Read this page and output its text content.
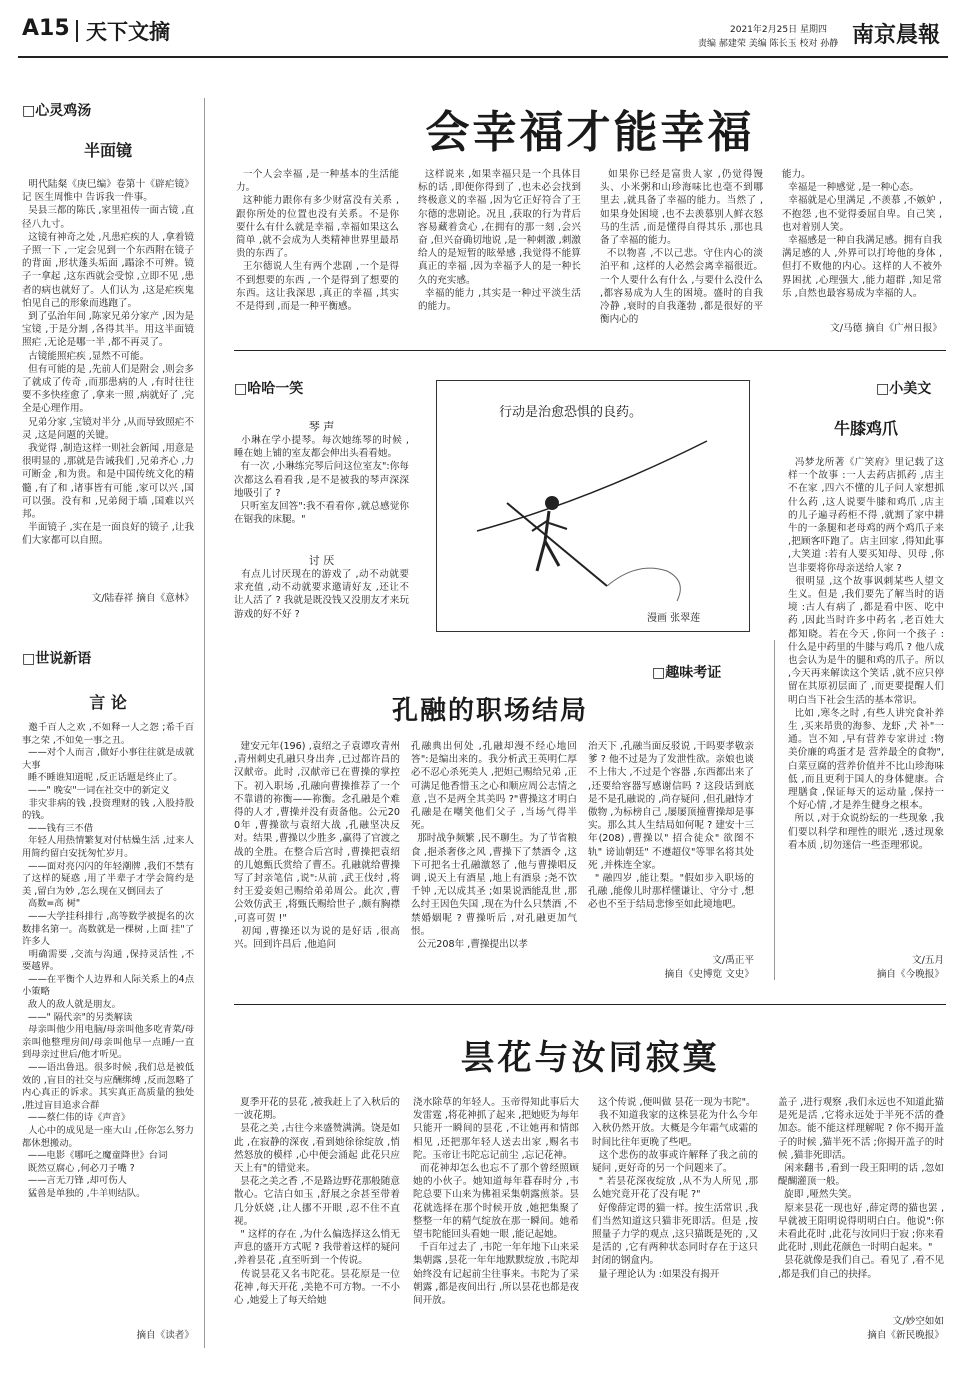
A15 天下文摘	2021年2月25日 星期四
责编 郝建荣 美编 陈长玉 校对 孙静 南京晨報
□心灵鸡汤
半面镜
明代陆粲《庚巳编》卷第十《辟疟镜》记 医生周惟中 告诉我一件事。
吴县三都的陈氏 ,家里祖传一面古镜 ,直径八九寸。
这镜有神奇之处 ,凡患疟疾的人 ,拿着镜子照一下 ,一定会见到一个东西附在镜子的背面 ,形状蓬头垢面 ,蹋涂不可辨。镜子一拿起 ,这东西就会受惊 ,立即不见 ,患者的病也就好了。人们认为 ,这是疟疾鬼怕见自己的形象而逃跑了。
到了弘治年间 ,陈家兄弟分家产 ,因为是宝镜 ,于是分割 ,各得其半。用这半面镜照疟 ,无论是哪一半 ,都不再灵了。
古镜能照疟疾 ,显然不可能。
但有可能的是 ,先前人们是附会 ,则会多了就成了传奇 ,而那患病的人 ,有时往往要不多快痊愈了 ,拿来一照 ,病就好了 ,完全是心理作用。
兄弟分家 ,宝镜对半分 ,从而导致照疟不灵 ,这是问题的关键。
我觉得 ,制造这样一则社会新闻 ,用意是很明显的 ,那就是告诫我们 ,兄弟齐心 ,力可断金 ,和为贵。和是中国传统文化的精髓 ,有了和 ,诸事皆有可能 ,家可以兴 ,国可以强。没有和 ,兄弟阋于墙 ,国难以兴邦。
半面镜子 ,实在是一面良好的镜子 ,让我们大家都可以自照。
文/陆春祥 摘自《意林》
□世说新语
言 论
邀千百人之欢 ,不如释一人之怨 ;希千百事之荣 ,不如免一事之丑。
——对个人而言 ,做好小事往往就是成就大事
睡不睡谁知道呢 ,反正话题是终止了。
——" 晚安"一词在社交中的新定义
非灾非病的钱 ,投资理财的钱 ,入股持股的钱。
——钱有三不借
年轻人用热情繁复对付枯燥生活 ,过来人用简约留白安抚匆忙岁月。
——面对亮闪闪的年轻潮牌 ,我们不禁有了这样的疑惑 ,用了半辈子才学会简约是美 ,留白为妙 ,怎么现在又倒回去了
高数=高 树"
——大学挂科排行 ,高等数学被提名的次数排名第一。高数就是一棵树 ,上面 挂"了许多人
明确需要 ,交流与沟通 ,保持灵活性 ,不要越界。
——在平衡个人边界和人际关系上的4点小策略
敌人的敌人就是朋友。
——" 隔代亲"的另类解读
母亲叫他少用电脑/母亲叫他多吃青菜/母亲叫他整理房间/母亲叫他早一点睡/一直到母亲过世后/他才听见。
——语出鲁迅。很多时候 ,我们总是被低效的 ,盲目的社交与应酬绑缚 ,反而忽略了内心真正的诉求。其实真正高质量的独处 ,胜过盲目追求合群
——蔡仁伟的诗《声音》
人心中的成见是一座大山 ,任你怎么努力都休想搬动。
——电影《哪吒之魔童降世》台词
既然豆腐心 ,何必刀子嘴 ?
——言无刀锋 ,却可伤人
猛兽是单独的 ,牛羊则结队。
摘自《读者》
会幸福才能幸福
一个人会幸福 ,是一种基本的生活能力。
这种能力跟你有多少财富没有关系 ,跟你所处的位置也没有关系。不是你要什么有什么就是幸福 ,幸福如果这么简单 ,就不会成为人类精神世界里最昂贵的东西了。
王尔德说人生有两个悲剧 ,一个是得不到想要的东西 ,一个是得到了想要的东西。这让我深思 ,真正的幸福 ,其实不是得到 ,而是一种平衡感。
这样说来 ,如果幸福只是一个具体目标的话 ,即便你得到了 ,也未必会找到终极意义的幸福 ,因为它正好符合了王尔德的悲剧论。况且 ,获取的行为背后容易藏着贪心 ,在拥有的那一刻 ,会兴奋 ,但兴奋确切地说 ,是一种刺激 ,刺激给人的是短暂的眩晕感 ,我觉得不能算真正的幸福 ,因为幸福予人的是一种长久的充实感。
幸福的能力 ,其实是一种过平淡生活的能力。
如果你已经是富贵人家 ,仍觉得馒头、小米粥和山珍海味比也毫不到哪里去 ,就具备了幸福的能力。当然了 ,如果身处困境 ,也不去羡慕别人鲜衣怒马的生活 ,而是懂得自得其乐 ,那也具备了幸福的能力。
不以物喜 ,不以己悲。守住内心的淡泊平和 ,这样的人必然会离幸福很近。一个人要什么有什么 ,与要什么没什么 ,都容易成为人生的困境。盛时的自我冷静 ,衰时的自我蓬勃 ,都是很好的平衡内心的
能力。
幸福是一种感觉 ,是一种心态。
幸福就是心里满足 ,不羡慕 ,不嫉妒 ,不抱怨 ,也不觉得委屈自卑。自己笑 ,也对着别人笑。
幸福感是一种自我满足感。拥有自我满足感的人 ,外界可以打垮他的身体 ,但打不败他的内心。这样的人不被外界困扰 ,心理强大 ,能力超群 ,知足常乐 ,自然也最容易成为幸福的人。
文/马德 摘自《广州日报》
□哈哈一笑
琴 声
小琳在学小提琴。每次她练琴的时候 ,睡在她上铺的室友都会伸出头看看她。
有一次 ,小琳练完琴后问这位室友":你每次都这么看看我 ,是不是被我的琴声深深地吸引了 ?
只听室友回答":我不看看你 ,就总感觉你在锯我的床腿。"
讨 厌
有点儿讨厌现在的游戏了 ,动不动就要求充值 ,动不动就要求邀请好友 ,还让不让人活了 ? 我就是既没钱又没朋友才来玩游戏的好不好 ?
行动是治愈恐惧的良药。
漫画 张翠莲
□小美文
牛膝鸡爪
冯梦龙所著《广笑府》里记载了这样一个故事 :一人去药店抓药 ,店主不在家 ,四六不懂的儿子问人家想抓什么药 ,这人说要牛膝和鸡爪 ,店主的儿子遍寻药柜不得 ,就割了家中耕牛的一条腿和老母鸡的两个鸡爪子来 ,把顾客吓跑了。店主回家 ,得知此事 ,大笑道 :若有人要买知母、贝母 ,你岂非要将你母亲送给人家 ?
很明显 ,这个故事讽刺某些人望文生义。但是 ,我们要先了解当时的语境 :古人有病了 ,都是看中医、吃中药 ,因此当时许多中药名 ,老百姓大都知晓。若在今天 ,你问一个孩子 :什么是中药里的牛膝与鸡爪 ? 他八成也会认为是牛的腿和鸡的爪子。所以 ,今天再来解读这个笑话 ,就不应只停留在其原初层面了 ,而更要提醒人们明白当下社会生活的基本常识。
比如 ,寒冬之时 ,有些人讲究食补养生 ,买来昂贵的海参、龙虾 ,犬 补"一通。岂不知 ,早有营养专家讲过 :物美价廉的鸡蛋才是 营养最全的食物",白菜豆腐的营养价值并不比山珍海味低 ,而且更利于国人的身体健康。合理膳食 ,保证每天的运动量 ,保持一个好心情 ,才是养生健身之根本。
所以 ,对于众说纷纭的一些现象 ,我们要以科学和理性的眼光 ,透过现象看本质 ,切勿迷信一些歪理邪说。
文/五月
摘自《今晚报》
□趣味考证
孔融的职场结局
建安元年(196) ,袁绍之子袁谭攻青州 ,青州刺史孔融只身出奔 ,已过都许昌的汉献帝。此时 ,汉献帝已在曹操的掌控下。初入职场 ,孔融向曹操推荐了一个不靠谱的祢衡——祢衡。念孔融是个难得的人才 ,曹操并没有责备他。公元200年 ,曹操欲与袁绍大战 ,孔融坚决反对。结果 ,曹操以少胜多 ,赢得了官渡之战的全胜。在整合后宫时 ,曹操把袁绍的儿媳甄氏赏给了曹丕。孔融就给曹操写了封亲笔信 ,说":从前 ,武王伐纣 ,将纣王爱妾妲己赐给弟弟周公。此次 ,曹公效仿武王 ,将甄氏赐给世子 ,颇有胸襟 ,可喜可贺 !"
初闻 ,曹操还以为说的是好话 ,很高兴。回到许昌后 ,他追问
孔融典出何处 ,孔融却漫不经心地回答":是编出来的。我分析武王英明仁厚必不忍心杀死美人 ,把妲己赐给兄弟 ,正可满足他香惜玉之心和顺应周公志情之意 ,岂不是两全其美吗 ?"曹操这才明白孔融是在嘲笑他们父子 ,当场气得半死。
那时战争频繁 ,民不聊生。为了节省粮食 ,挹杀奢侈之风 ,曹操下了禁酒令 ,这下可把名士孔融激怒了 ,他与曹操唱反调 ,说天上有酒星 ,地上有酒泉 ;尧不饮千钟 ,无以成其圣 ;如果说酒能乱世 ,那么纣王因色失国 ,现在为什么只禁酒 ,不禁婚姻呢 ? 曹操听后 ,对孔融更加气恨。
公元208年 ,曹操提出以孝
治天下 ,孔融当面反驳说 ,干吗要孝敬亲爹 ? 他不过是为了发泄性欲。亲娘也谈不上伟大 ,不过是个容器 ,东西都出来了 ,还要给容器写感谢信吗 ? 这段话到底是不是孔融说的 ,尚存疑问 ,但孔融恃才傲物 ,为标榜自己 ,屡屡顶撞曹操却是事实。那么其人生结局如何呢 ? 建安十三年(208) ,曹操以" 招合徒众" 欲图不轨" 谤讪朝廷" 不遵超仪"等罪名将其处死 ,并株连全家。
" 融四岁 ,能让梨。"假如步入职场的孔融 ,能像儿时那样懂谦让、守分寸 ,想必也不至于结局悲惨至如此境地吧。
文/禹正平
摘自《史博览 文史》
昙花与汝同寂寞
夏季开花的昙花 ,被我赶上了入秋后的一波花期。
昙花之美 ,古往今来盛赞满满。饶是如此 ,在寂静的深夜 ,看到她徐徐绽放 ,悄然怒放的模样 ,心中便会涌起 此花只应天上有"的错觉来。
昙花之美之香 ,不是路边野花那般随意散心。它洁白如玉 ,舒展之余甚至带着几分妖娆 ,让人挪不开眼 ,忍不住不直视。
" 这样的存在 ,为什么偏选择这么悄无声息的盛开方式呢 ? 我带着这样的疑问 ,养着昙花 ,直至听到一个传说。
传说昙花又名韦陀花。昙花原是一位花神 ,每天开花 ,美艳不可方物。一不小心 ,她爱上了每天给她
浇水除草的年轻人。玉帝得知此事后大发雷霆 ,将花神抓了起来 ,把她贬为每年只能开一瞬间的昙花 ,不让她再和情郎相见 ,还把那年轻人送去出家 ,赐名韦陀。玉帝让韦陀忘记前尘 ,忘记花神。
而花神却怎么也忘不了那个曾经照顾她的小伙子。她知道每年暮春时分 ,韦陀总要下山来为佛祖采集朝露煎茶。昙花就选择在那个时候开放 ,她把集聚了整整一年的精气绽放在那一瞬间。她希望韦陀能回头看她一眼 ,能记起她。
千百年过去了 ,韦陀一年年地下山来采集朝露 ,昙花一年年地默默绽放 ,韦陀却始终没有记起前尘往事来。韦陀为了采朝露 ,都是夜间出行 ,所以昙花也都是夜间开放。
这个传说 ,便叫做 昙花一现为韦陀"。
我不知道我家的这株昙花为什么今年入秋仍然开放。大概是今年霜气成霜的时间比往年更晚了些吧。
这个悲伤的故事或许解释了我之前的疑问 ,更好奇的另一个问题来了。
" 若昙花深夜绽放 ,从不为人所见 ,那么她究竟开花了没有呢 ?"
好像薛定谔的猫一样。按生活常识 ,我们当然知道这只猫非死即活。但是 ,按照量子力学的观点 ,这只猫既是死的 ,又是活的 ,它有两种状态同时存在于这只封闭的钢盒内。
量子理论认为 :如果没有揭开
盖子 ,进行观察 ,我们永远也不知道此猫是死是活 ,它将永远处于半死不活的叠加态。能不能这样理解呢 ? 你不揭开盖子的时候 ,猫半死不活 ;你揭开盖子的时候 ,猫非死即活。
闲来翻书 ,看到一段王阳明的话 ,忽如醍醐灌顶一般。
旋即 ,哑然失笑。
原来昙花一现也好 ,薛定谔的猫也罢 ,早就被王阳明说得明明白白。他说":你未看此花时 ,此花与汝同归于寂 ;你来看此花时 ,则此花颜色一时明白起来。"
昙花就像是我们自己。看见了 ,看不见 ,都是我们自己的抉择。
文/妙空如如
摘自《新民晚报》
